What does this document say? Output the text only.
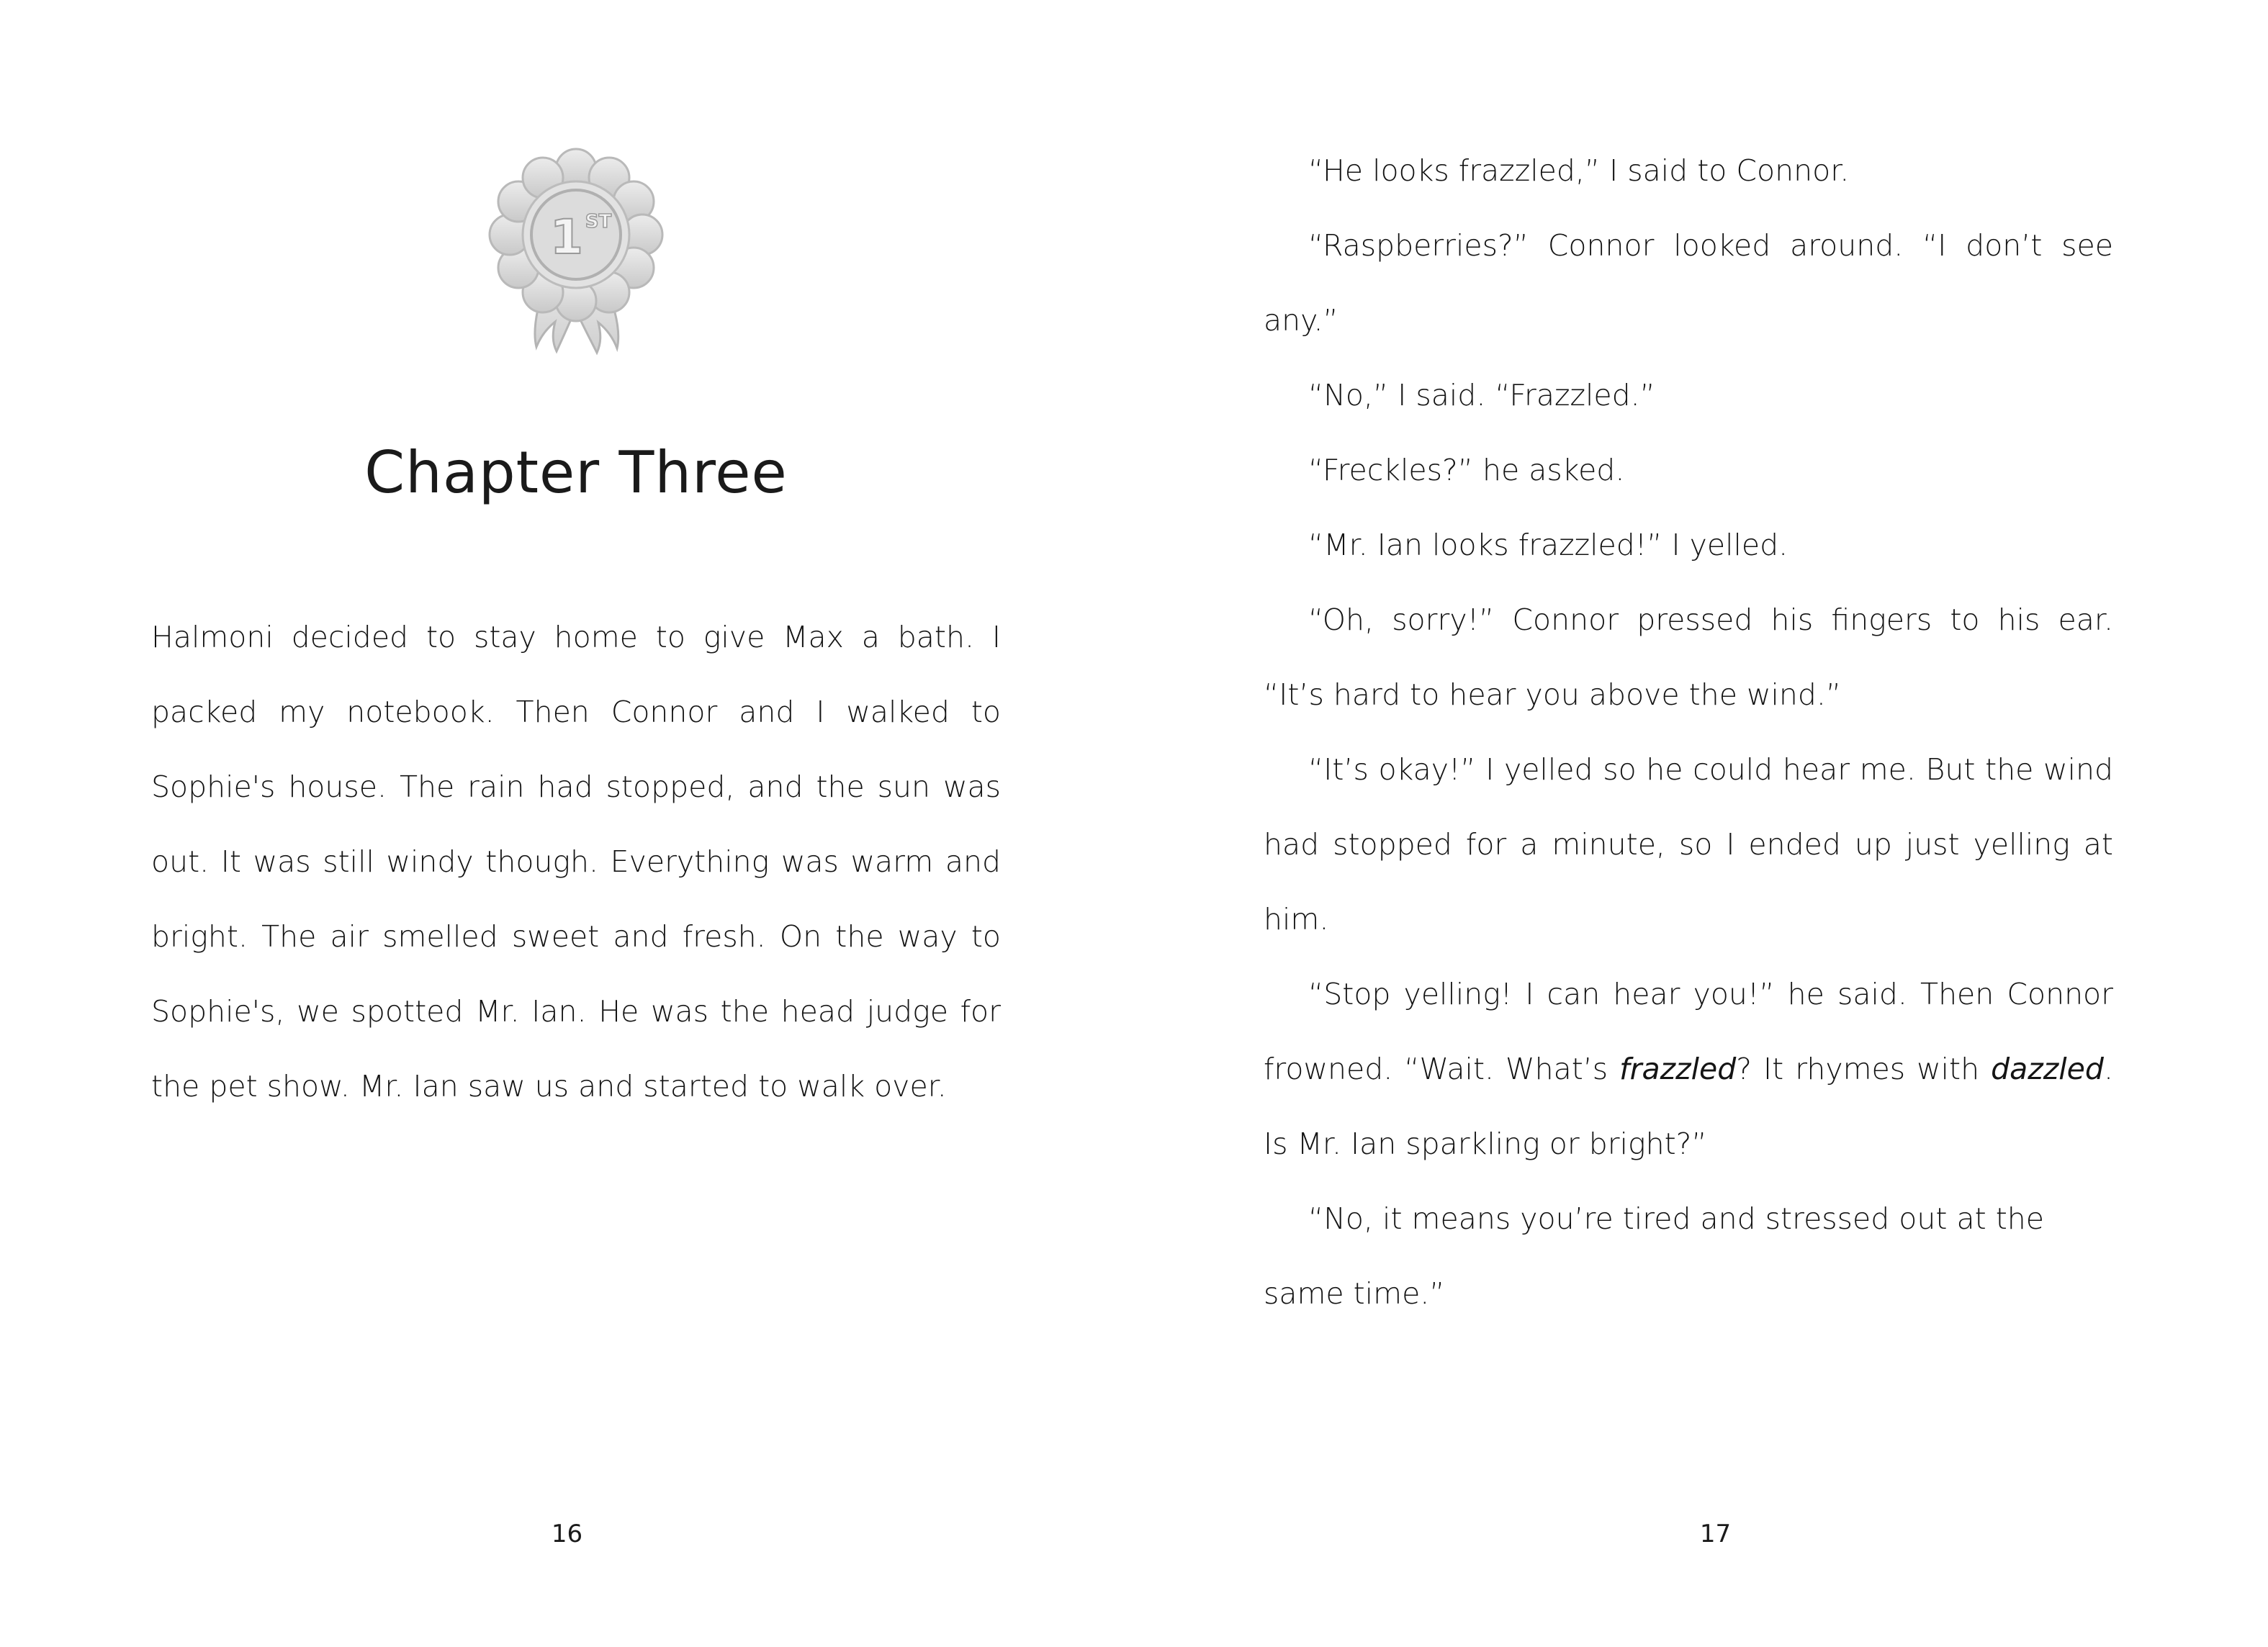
1 ST
Chapter Three

Halmoni decided to stay home to give Max a bath. I packed my notebook. Then Connor and I walked to Sophie's house. The rain had stopped, and the sun was out. It was still windy though. Everything was warm and bright. The air smelled sweet and fresh. On the way to Sophie's, we spotted Mr. Ian. He was the head judge for the pet show. Mr. Ian saw us and started to walk over.

16

“He looks frazzled,” I said to Connor.

“Raspberries?” Connor looked around. “I don’t see any.”

“No,” I said. “Frazzled.”

“Freckles?” he asked.

“Mr. Ian looks frazzled!” I yelled.

“Oh, sorry!” Connor pressed his fingers to his ear. “It’s hard to hear you above the wind.”

“It’s okay!” I yelled so he could hear me. But the wind had stopped for a minute, so I ended up just yelling at him.

“Stop yelling! I can hear you!” he said. Then Connor frowned. “Wait. What’s frazzled? It rhymes with dazzled. Is Mr. Ian sparkling or bright?”

“No, it means you’re tired and stressed out at the same time.”

17
